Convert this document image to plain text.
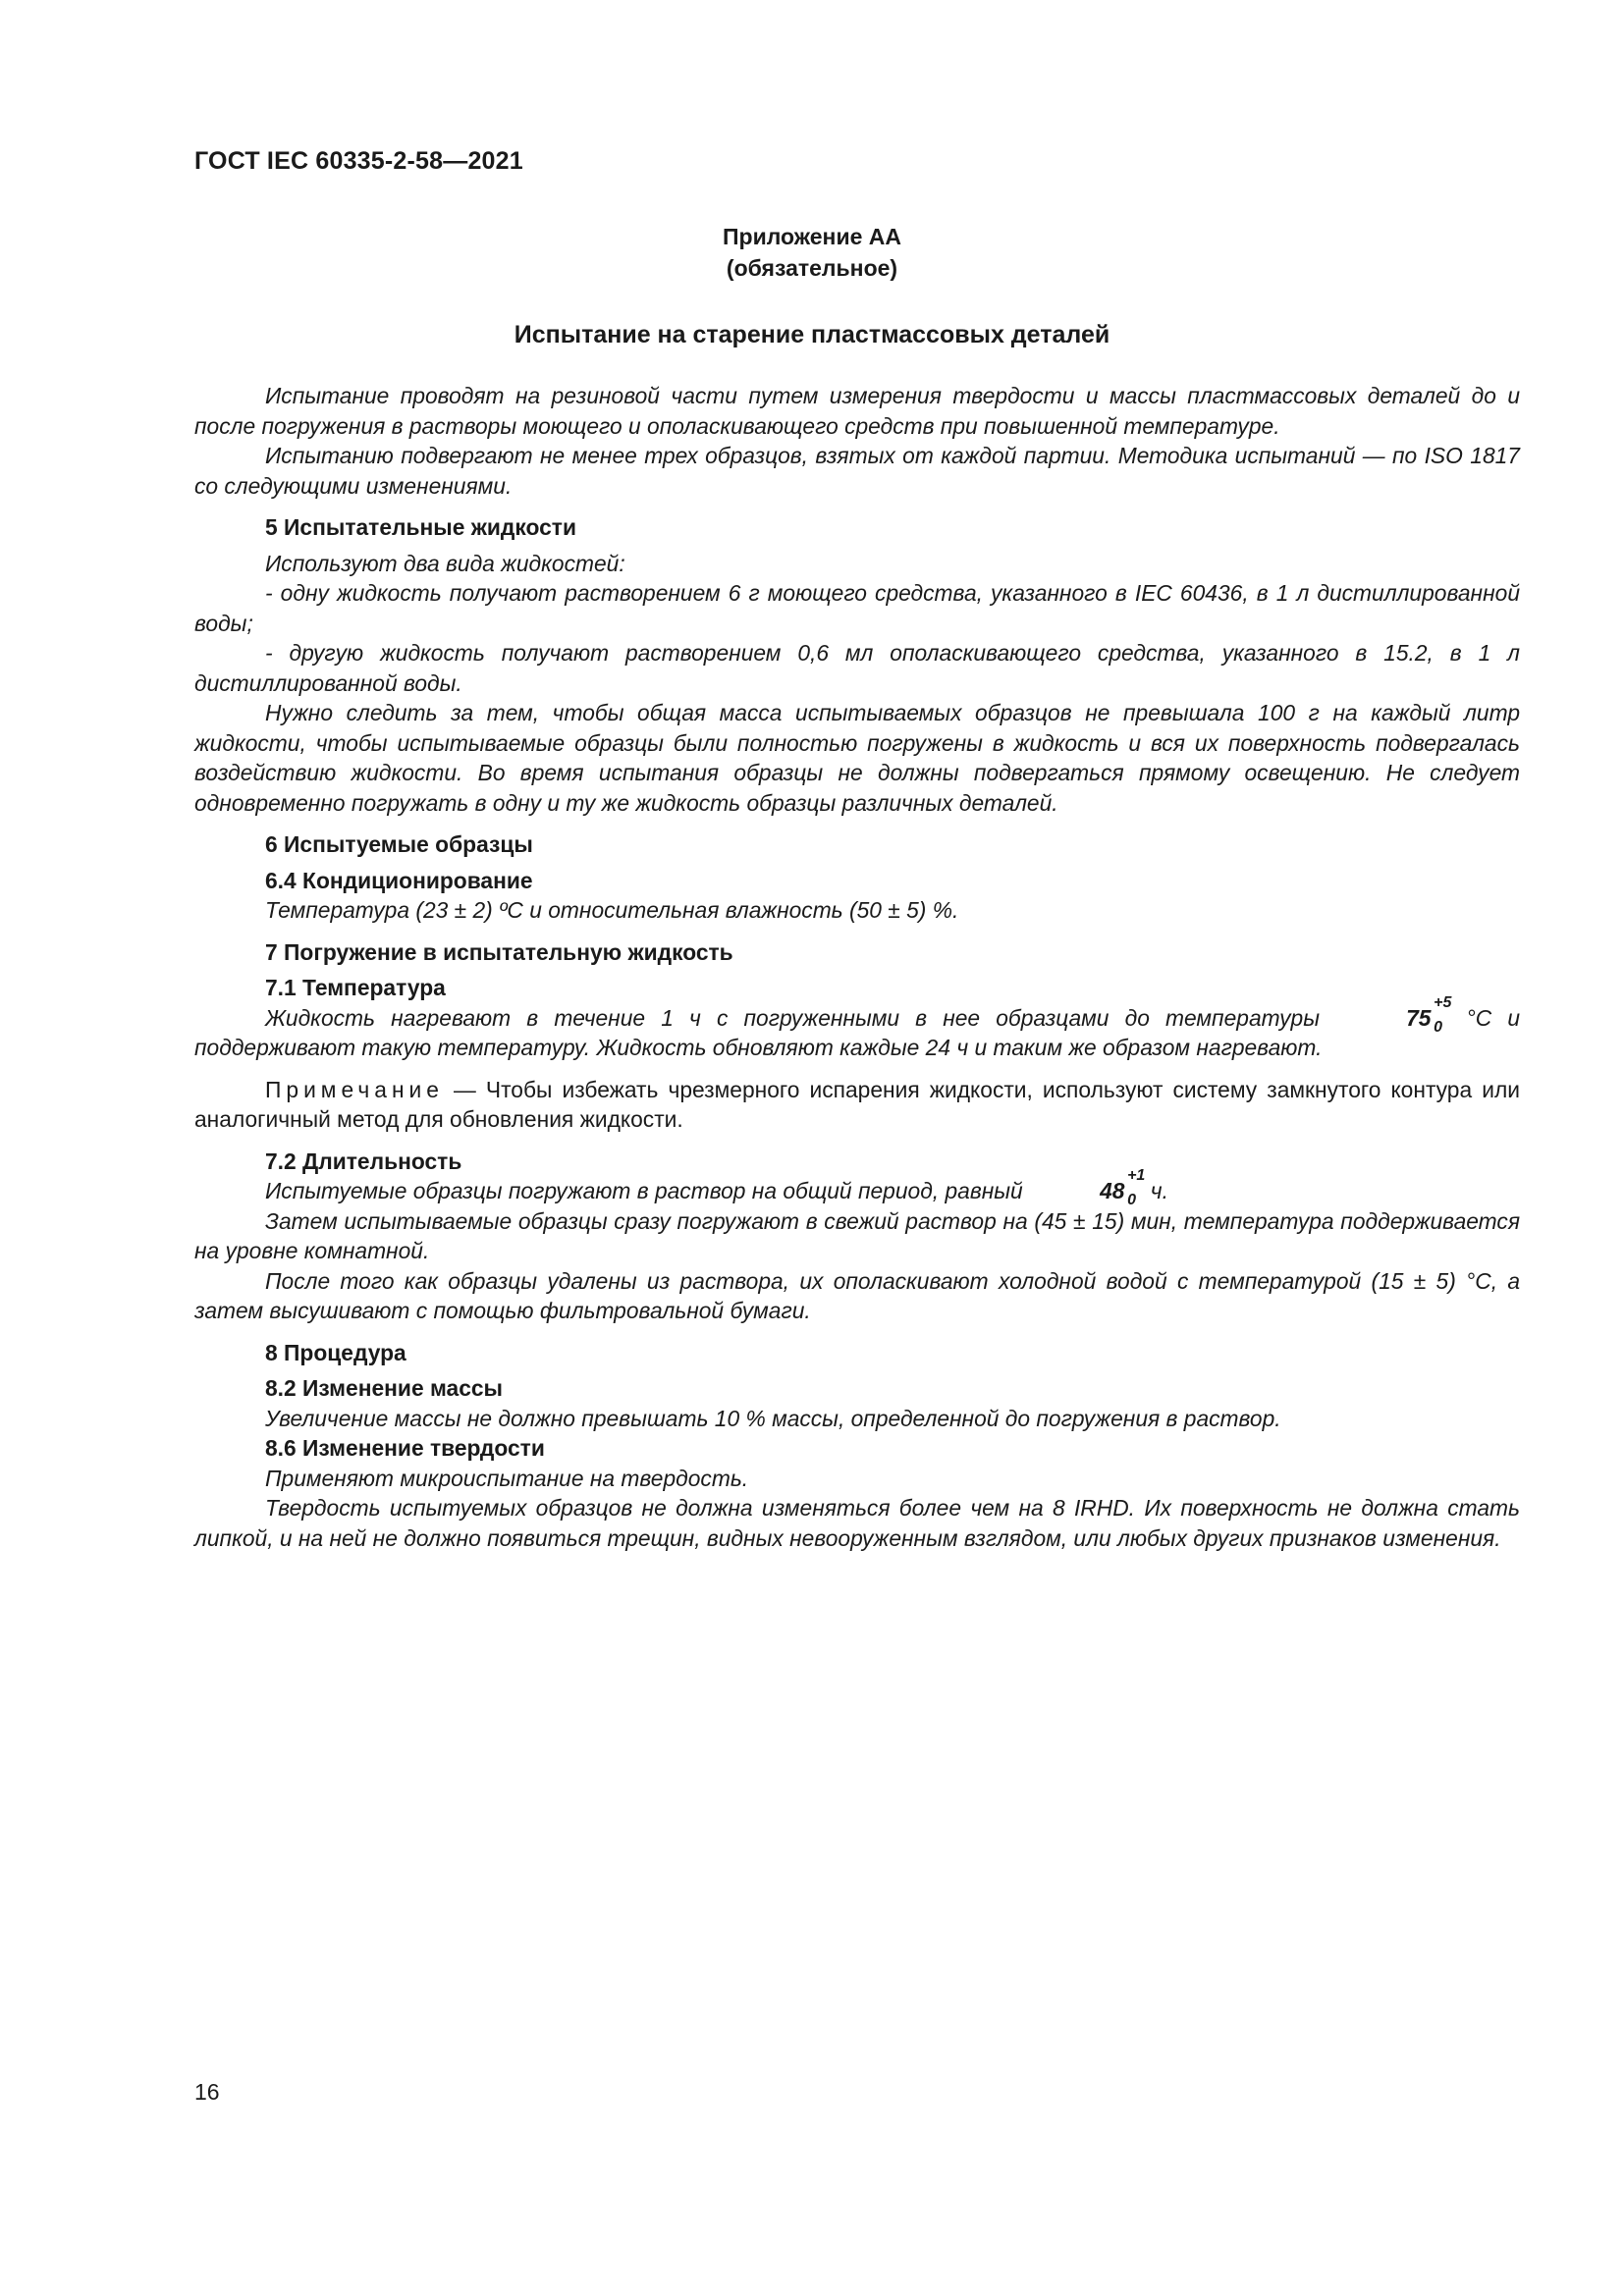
ГОСТ IEC 60335-2-58—2021
Приложение АА
(обязательное)
Испытание на старение пластмассовых деталей

Испытание проводят на резиновой части путем измерения твердости и массы пластмассовых деталей до и после погружения в растворы моющего и ополаскивающего средств при повышенной температуре.

Испытанию подвергают не менее трех образцов, взятых от каждой партии. Методика испытаний — по ISO 1817 со следующими изменениями.

5 Испытательные жидкости

Используют два вида жидкостей:

- одну жидкость получают растворением 6 г моющего средства, указанного в IEC 60436, в 1 л дистиллированной воды;

- другую жидкость получают растворением 0,6 мл ополаскивающего средства, указанного в 15.2, в 1 л дистиллированной воды.

Нужно следить за тем, чтобы общая масса испытываемых образцов не превышала 100 г на каждый литр жидкости, чтобы испытываемые образцы были полностью погружены в жидкость и вся их поверхность подвергалась воздействию жидкости. Во время испытания образцы не должны подвергаться прямому освещению. Не следует одновременно погружать в одну и ту же жидкость образцы различных деталей.

6 Испытуемые образцы
6.4 Кондиционирование

Температура (23 ± 2) ºС и относительная влажность (50 ± 5) %.

7 Погружение в испытательную жидкость
7.1 Температура

Жидкость нагревают в течение 1 ч с погруженными в нее образцами до температуры	75
+5
0 °С и поддерживают такую температуру. Жидкость обновляют каждые 24 ч и таким же образом нагревают.

Примечание — Чтобы избежать чрезмерного испарения жидкости, используют систему замкнутого контура или аналогичный метод для обновления жидкости.

7.2 Длительность

Испытуемые образцы погружают в раствор на общий период, равный	48
+1
0 ч.

Затем испытываемые образцы сразу погружают в свежий раствор на (45 ± 15) мин, температура поддерживается на уровне комнатной.

После того как образцы удалены из раствора, их ополаскивают холодной водой с температурой (15 ± 5) °С, а затем высушивают с помощью фильтровальной бумаги.

8 Процедура
8.2 Изменение массы

Увеличение массы не должно превышать 10 % массы, определенной до погружения в раствор.

8.6 Изменение твердости

Применяют микроиспытание на твердость.

Твердость испытуемых образцов не должна изменяться более чем на 8 IRHD. Их поверхность не должна стать липкой, и на ней не должно появиться трещин, видных невооруженным взглядом, или любых других признаков изменения.

16
